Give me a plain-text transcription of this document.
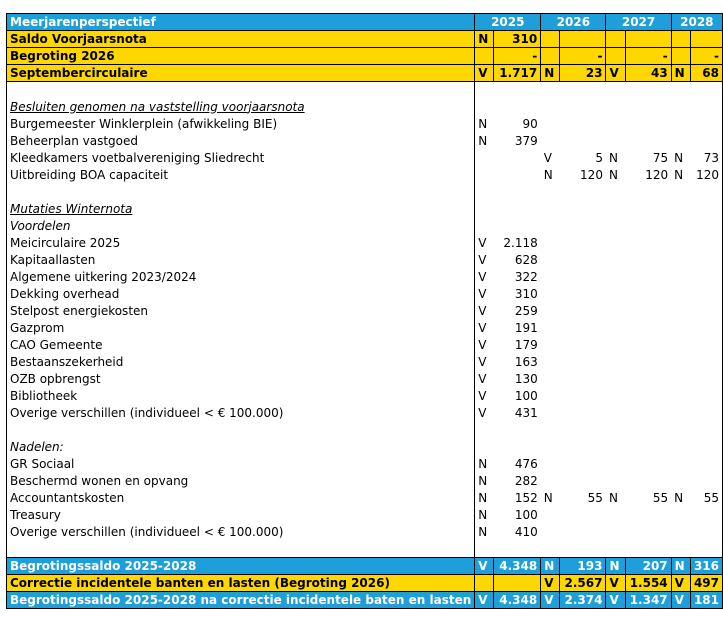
Meerjarenperspectief	2025		2026		2027		2028	
Saldo Voorjaarsnota	N	310						
Begroting 2026		-		-		-		-
Septembercirculaire	V	1.717	N	23	V	43	N	68

Besluiten genomen na vaststelling voorjaarsnota								
Burgemeester Winklerplein (afwikkeling BIE)	N	90						
Beheerplan vastgoed	N	379						
Kleedkamers voetbalvereniging Sliedrecht			V	5	N	75	N	73
Uitbreiding BOA capaciteit			N	120	N	120	N	120

Mutaties Winternota								
Voordelen								
Meicirculaire 2025	V	2.118						
Kapitaallasten	V	628						
Algemene uitkering 2023/2024	V	322						
Dekking overhead	V	310						
Stelpost energiekosten	V	259						
Gazprom	V	191						
CAO Gemeente	V	179						
Bestaanszekerheid	V	163						
OZB opbrengst	V	130						
Bibliotheek	V	100						
Overige verschillen (individueel < € 100.000)	V	431						

Nadelen:								
GR Sociaal	N	476						
Beschermd wonen en opvang	N	282						
Accountantskosten	N	152	N	55	N	55	N	55
Treasury	N	100						
Overige verschillen (individueel < € 100.000)	N	410						

Begrotingssaldo 2025-2028	V	4.348	N	193	N	207	N	316
Correctie incidentele banten en lasten (Begroting 2026)			V	2.567	V	1.554	V	497
Begrotingssaldo 2025-2028 na correctie incidentele baten en lasten	V	4.348	V	2.374	V	1.347	V	181
